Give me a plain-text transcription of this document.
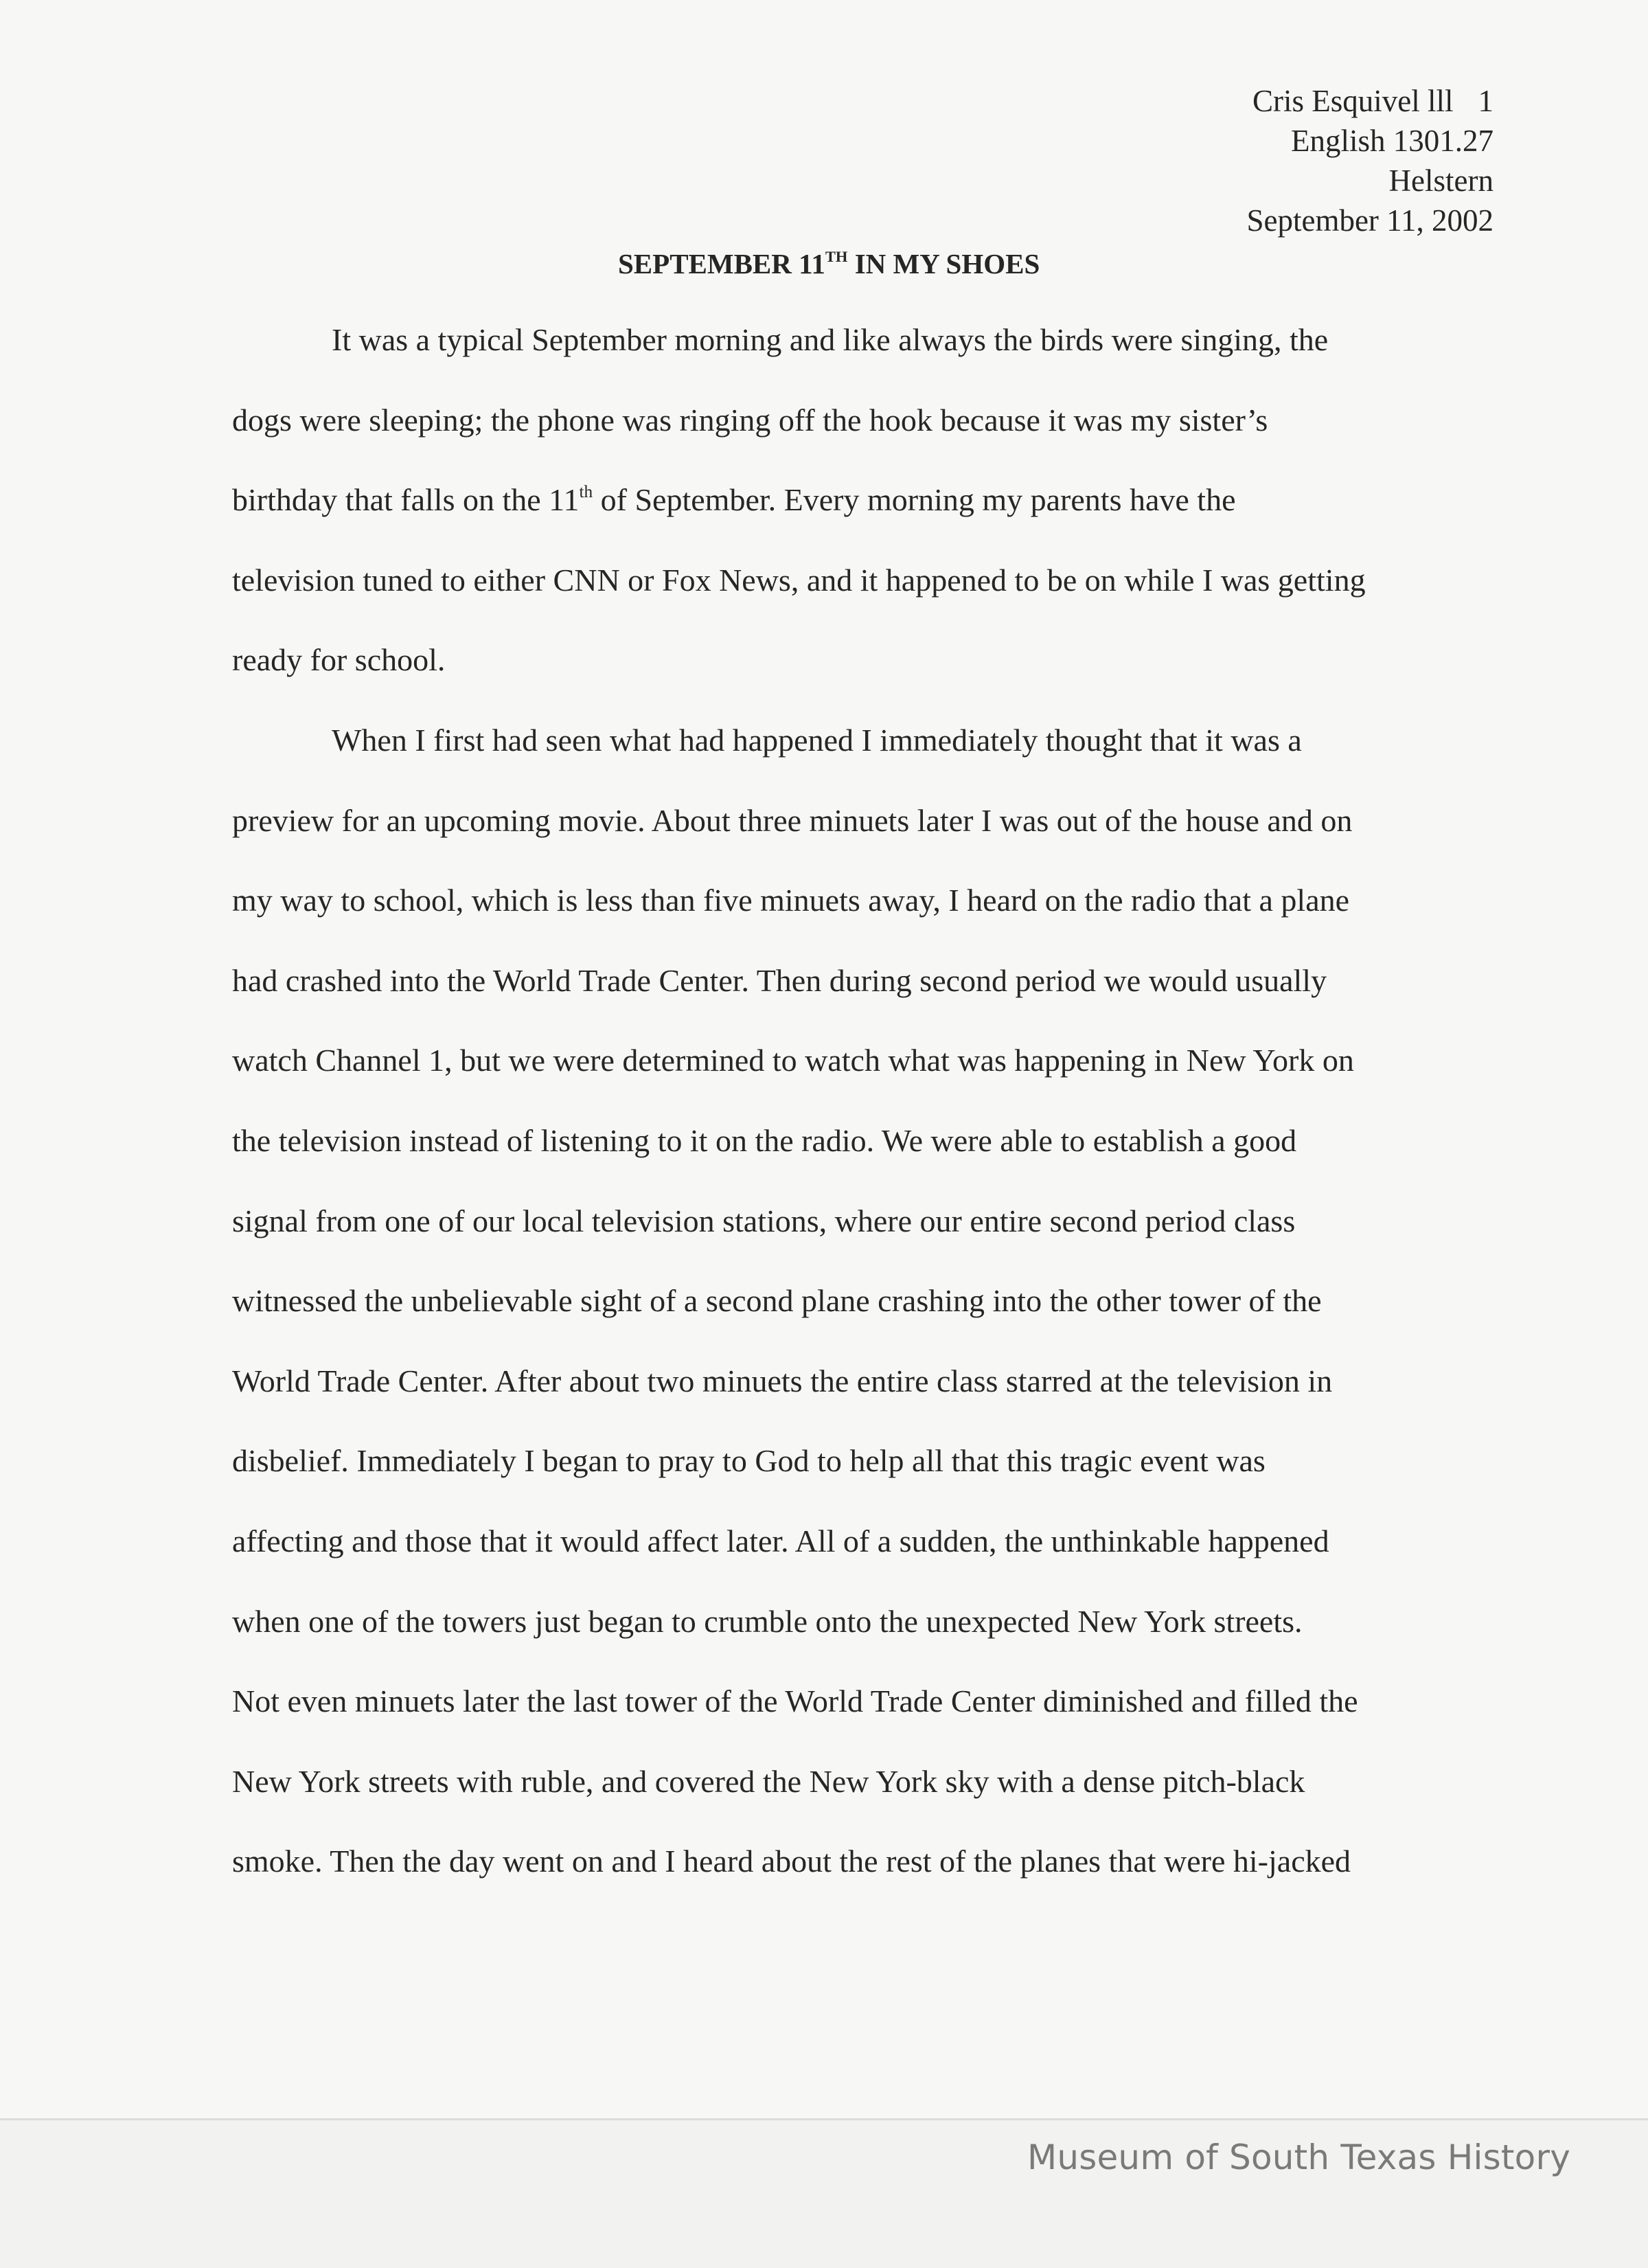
Cris Esquivel lll 1
English 1301.27
Helstern
September 11, 2002
SEPTEMBER 11TH IN MY SHOES
It was a typical September morning and like always the birds were singing, the
dogs were sleeping; the phone was ringing off the hook because it was my sister’s
birthday that falls on the 11th of September. Every morning my parents have the
television tuned to either CNN or Fox News, and it happened to be on while I was getting
ready for school.
When I first had seen what had happened I immediately thought that it was a
preview for an upcoming movie. About three minuets later I was out of the house and on
my way to school, which is less than five minuets away, I heard on the radio that a plane
had crashed into the World Trade Center. Then during second period we would usually
watch Channel 1, but we were determined to watch what was happening in New York on
the television instead of listening to it on the radio. We were able to establish a good
signal from one of our local television stations, where our entire second period class
witnessed the unbelievable sight of a second plane crashing into the other tower of the
World Trade Center. After about two minuets the entire class starred at the television in
disbelief. Immediately I began to pray to God to help all that this tragic event was
affecting and those that it would affect later. All of a sudden, the unthinkable happened
when one of the towers just began to crumble onto the unexpected New York streets.
Not even minuets later the last tower of the World Trade Center diminished and filled the
New York streets with ruble, and covered the New York sky with a dense pitch-black
smoke. Then the day went on and I heard about the rest of the planes that were hi-jacked
Museum of South Texas History
